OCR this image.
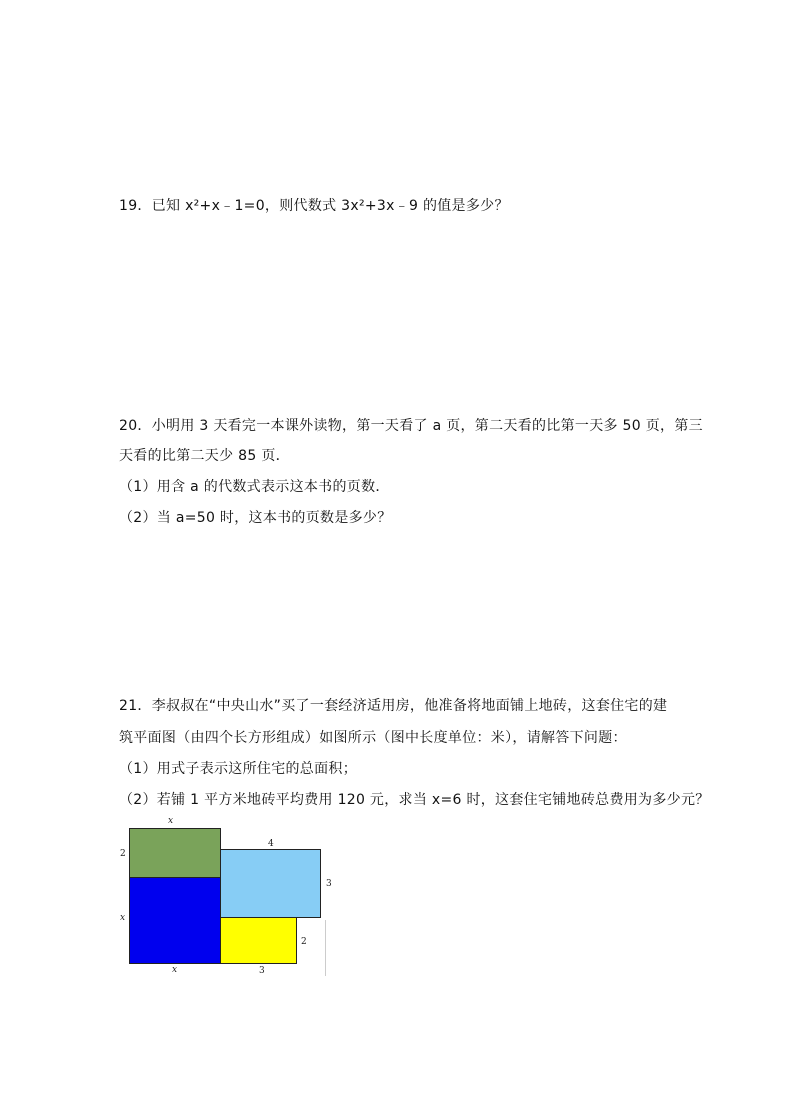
19．已知 x²+x﹣1=0，则代数式 3x²+3x﹣9 的值是多少？
20．小明用 3 天看完一本课外读物，第一天看了 a 页，第二天看的比第一天多 50 页，第三
天看的比第二天少 85 页．
（1）用含 a 的代数式表示这本书的页数．
（2）当 a=50 时，这本书的页数是多少？
21．李叔叔在“中央山水”买了一套经济适用房，他准备将地面铺上地砖，这套住宅的建
筑平面图（由四个长方形组成）如图所示（图中长度单位：米），请解答下问题：
（1）用式子表示这所住宅的总面积；
（2）若铺 1 平方米地砖平均费用 120 元，求当 x=6 时，这套住宅铺地砖总费用为多少元？
x
2
x
x
4
3
2
3
